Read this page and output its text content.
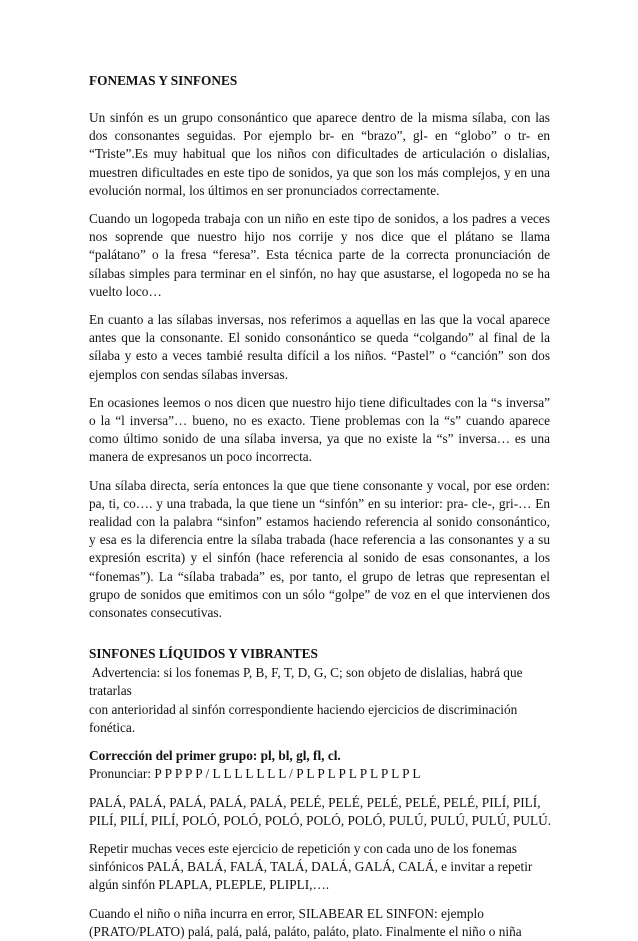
FONEMAS Y SINFONES

Un sinfón es un grupo consonántico que aparece dentro de la misma sílaba, con las dos consonantes seguidas. Por ejemplo br- en “brazo”, gl- en “globo” o tr- en “Triste”.Es muy habitual que los niños con dificultades de articulación o dislalias, muestren dificultades en este tipo de sonidos, ya que son los más complejos, y en una evolución normal, los últimos en ser pronunciados correctamente.

Cuando un logopeda trabaja con un niño en este tipo de sonidos, a los padres a veces nos soprende que nuestro hijo nos corrije y nos dice que el plátano se llama “palátano” o la fresa “feresa”. Esta técnica parte de la correcta pronunciación de sílabas simples para terminar en el sinfón, no hay que asustarse, el logopeda no se ha vuelto loco…

En cuanto a las sílabas inversas, nos referimos a aquellas en las que la vocal aparece antes que la consonante. El sonido consonántico se queda “colgando” al final de la sílaba y esto a veces tambié resulta difícil a los niños. “Pastel” o “canción” son dos ejemplos con sendas sílabas inversas.

En ocasiones leemos o nos dicen que nuestro hijo tiene dificultades con la “s inversa” o la “l inversa”… bueno, no es exacto. Tiene problemas con la “s” cuando aparece como último sonido de una sílaba inversa, ya que no existe la “s” inversa… es una manera de expresanos un poco incorrecta.

Una sílaba directa, sería entonces la que que tiene consonante y vocal, por ese orden: pa, ti, co…. y una trabada, la que tiene un “sinfón” en su interior: pra- cle-, gri-… En realidad con la palabra “sinfon” estamos haciendo referencia al sonido consonántico, y esa es la diferencia entre la sílaba trabada (hace referencia a las consonantes y a su expresión escrita) y el sinfón (hace referencia al sonido de esas consonantes, a los “fonemas”). La “sílaba trabada” es, por tanto, el grupo de letras que representan el grupo de sonidos que emitimos con un sólo “golpe” de voz en el que intervienen dos consonates consecutivas.

SINFONES LÍQUIDOS Y VIBRANTES
Advertencia: si los fonemas P, B, F, T, D, G, C; son objeto de dislalias, habrá que
tratarlas
con anterioridad al sinfón correspondiente haciendo ejercicios de discriminación
fonética.
Corrección del primer grupo: pl, bl, gl, fl, cl.
Pronunciar: P P P P P / L L L L L L L / P L P L P L P L P L P L
PALÁ, PALÁ, PALÁ, PALÁ, PALÁ, PELÉ, PELÉ, PELÉ, PELÉ, PELÉ, PILÍ, PILÍ,
PILÍ, PILÍ, PILÍ, POLÓ, POLÓ, POLÓ, POLÓ, POLÓ, PULÚ, PULÚ, PULÚ, PULÚ.
Repetir muchas veces este ejercicio de repetición y con cada uno de los fonemas
sinfónicos PALÁ, BALÁ, FALÁ, TALÁ, DALÁ, GALÁ, CALÁ, e invitar a repetir
algún sinfón PLAPLA, PLEPLE, PLIPLI,….
Cuando el niño o niña incurra en error, SILABEAR EL SINFON: ejemplo
(PRATO/PLATO) palá, palá, palá, paláto, paláto, plato. Finalmente el niño o niña
